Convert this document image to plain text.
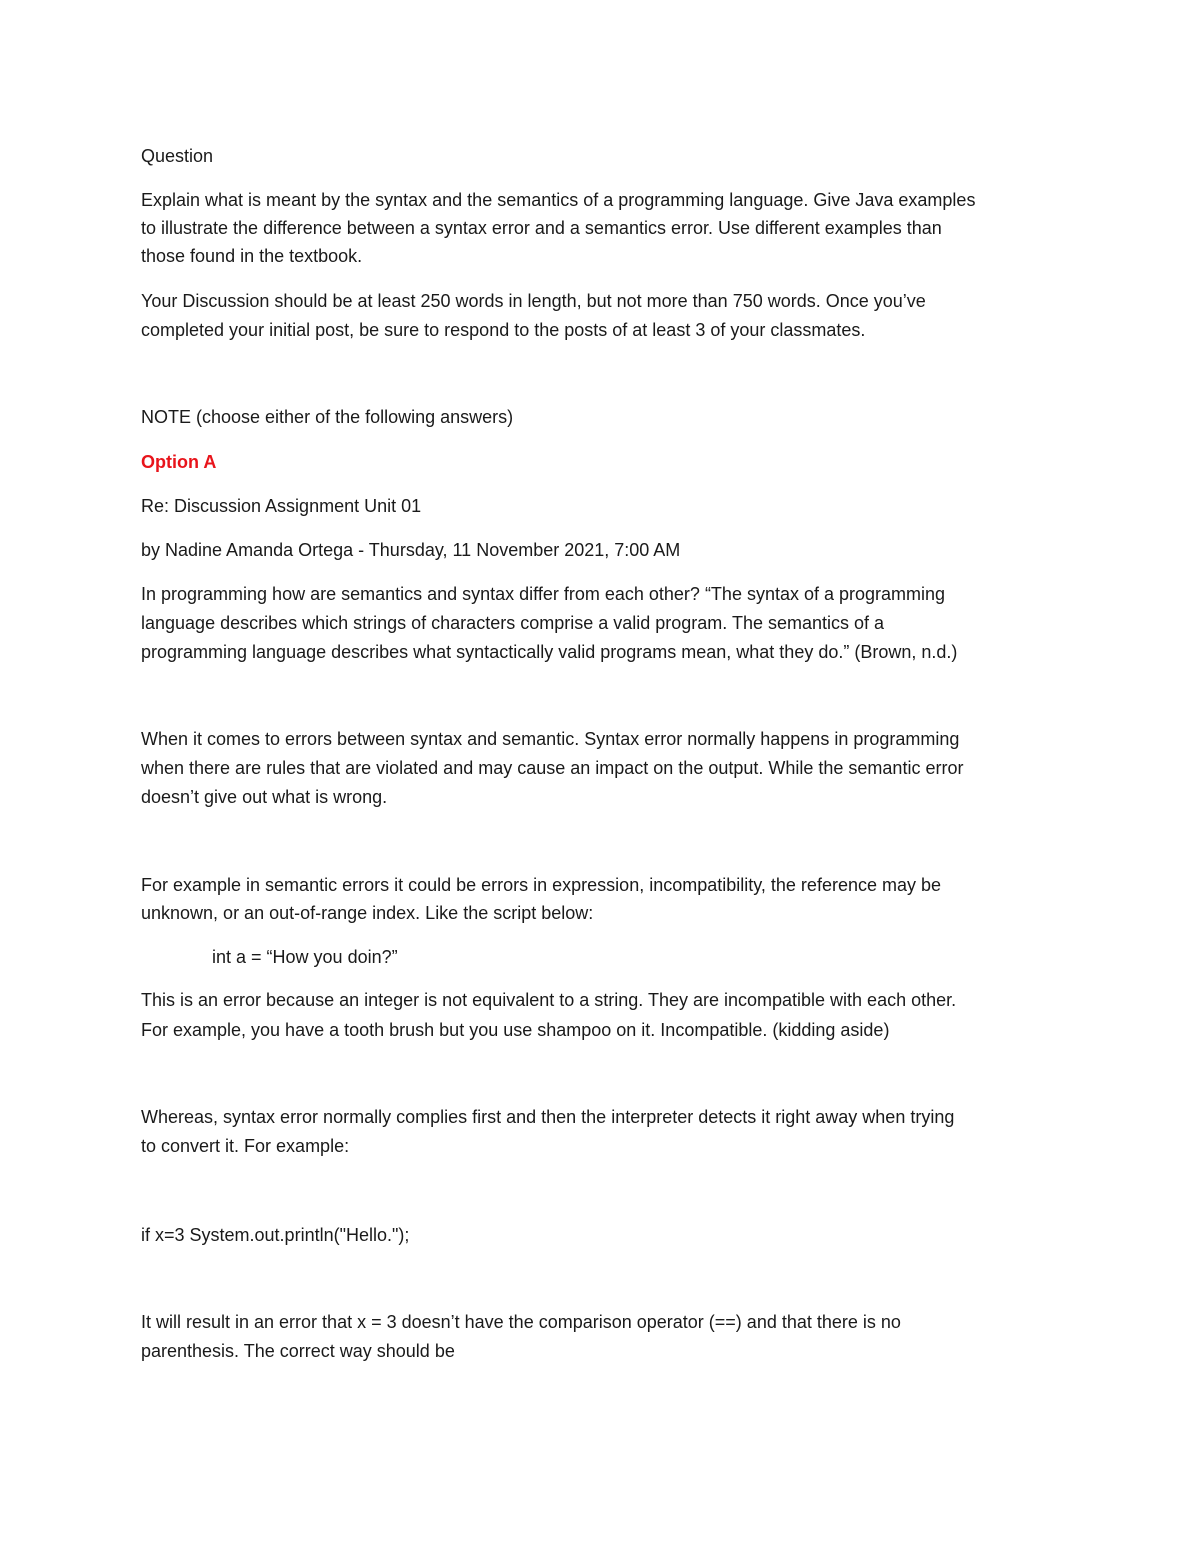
Question

Explain what is meant by the syntax and the semantics of a programming language. Give Java examples

to illustrate the difference between a syntax error and a semantics error. Use different examples than

those found in the textbook.

Your Discussion should be at least 250 words in length, but not more than 750 words. Once you’ve

completed your initial post, be sure to respond to the posts of at least 3 of your classmates.

NOTE (choose either of the following answers)

Option A

Re: Discussion Assignment Unit 01

by Nadine Amanda Ortega - Thursday, 11 November 2021, 7:00 AM

In programming how are semantics and syntax differ from each other? “The syntax of a programming

language describes which strings of characters comprise a valid program. The semantics of a

programming language describes what syntactically valid programs mean, what they do.” (Brown, n.d.)

When it comes to errors between syntax and semantic. Syntax error normally happens in programming

when there are rules that are violated and may cause an impact on the output. While the semantic error

doesn’t give out what is wrong.

For example in semantic errors it could be errors in expression, incompatibility, the reference may be

unknown, or an out-of-range index. Like the script below:

int a = “How you doin?”

This is an error because an integer is not equivalent to a string. They are incompatible with each other.

For example, you have a tooth brush but you use shampoo on it. Incompatible. (kidding aside)

Whereas, syntax error normally complies first and then the interpreter detects it right away when trying

to convert it. For example:

if x=3 System.out.println("Hello.");

It will result in an error that x = 3 doesn’t have the comparison operator (==) and that there is no

parenthesis. The correct way should be
